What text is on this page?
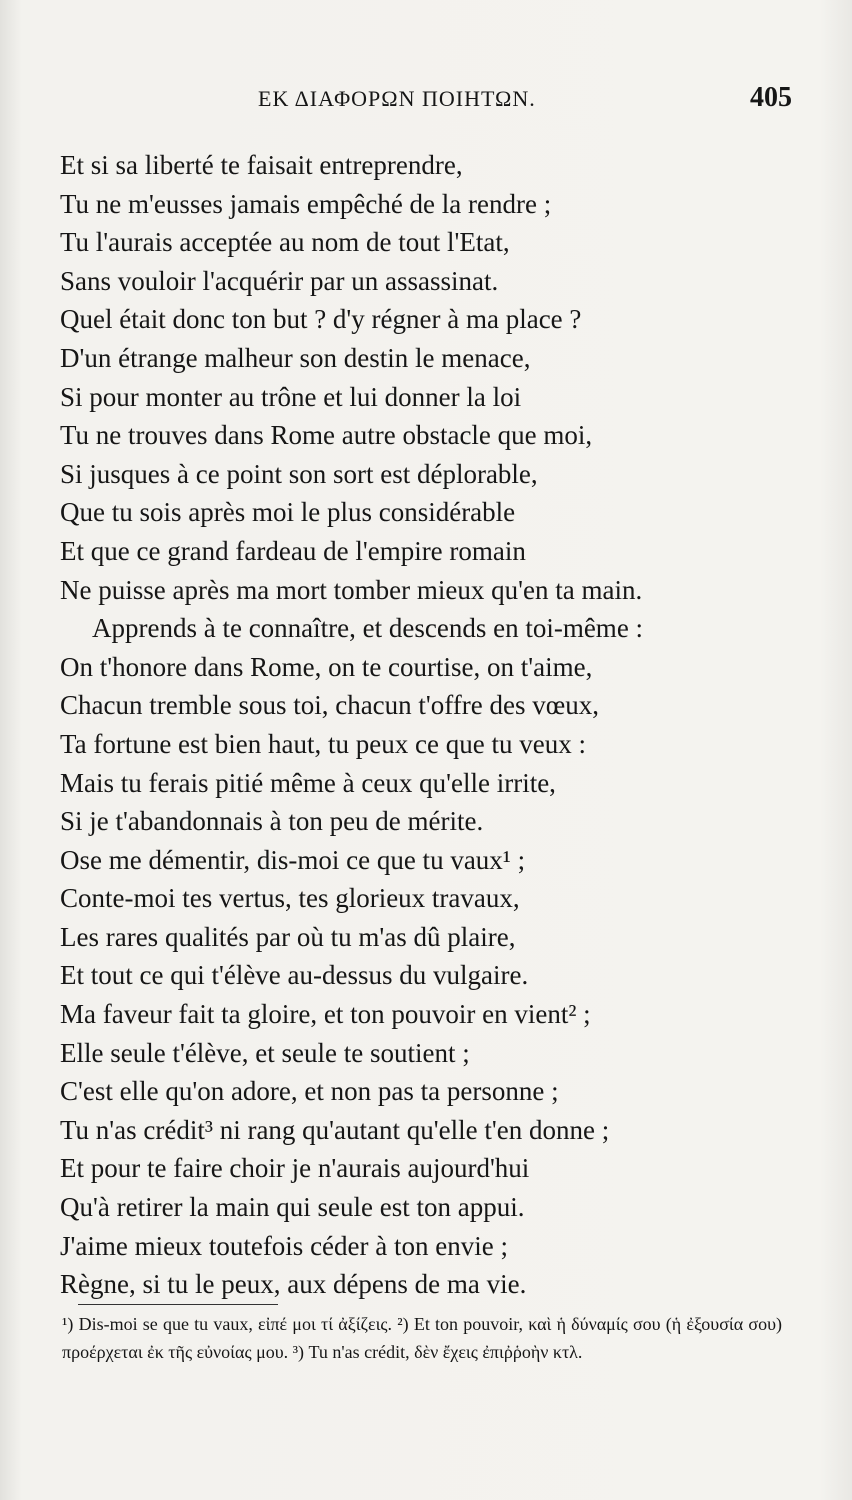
ΕΚ ΔΙΑΦΟΡΩΝ ΠΟΙΗΤΩΝ.	405
Et si sa liberté te faisait entreprendre,
Tu ne m'eusses jamais empêché de la rendre ;
Tu l'aurais acceptée au nom de tout l'Etat,
Sans vouloir l'acquérir par un assassinat.
Quel était donc ton but ? d'y régner à ma place ?
D'un étrange malheur son destin le menace,
Si pour monter au trône et lui donner la loi
Tu ne trouves dans Rome autre obstacle que moi,
Si jusques à ce point son sort est déplorable,
Que tu sois après moi le plus considérable
Et que ce grand fardeau de l'empire romain
Ne puisse après ma mort tomber mieux qu'en ta main.
Apprends à te connaître, et descends en toi-même :
On t'honore dans Rome, on te courtise, on t'aime,
Chacun tremble sous toi, chacun t'offre des vœux,
Ta fortune est bien haut, tu peux ce que tu veux :
Mais tu ferais pitié même à ceux qu'elle irrite,
Si je t'abandonnais à ton peu de mérite.
Ose me démentir, dis-moi ce que tu vaux¹ ;
Conte-moi tes vertus, tes glorieux travaux,
Les rares qualités par où tu m'as dû plaire,
Et tout ce qui t'élève au-dessus du vulgaire.
Ma faveur fait ta gloire, et ton pouvoir en vient² ;
Elle seule t'élève, et seule te soutient ;
C'est elle qu'on adore, et non pas ta personne ;
Tu n'as crédit³ ni rang qu'autant qu'elle t'en donne ;
Et pour te faire choir je n'aurais aujourd'hui
Qu'à retirer la main qui seule est ton appui.
J'aime mieux toutefois céder à ton envie ;
Règne, si tu le peux, aux dépens de ma vie.

¹) Dis-moi se que tu vaux, εἰπέ μοι τί ἀξίζεις. ²) Et ton pouvoir, καὶ ἡ δύναμίς σου (ἡ ἐξουσία σου) προέρχεται ἐκ τῆς εὐνοίας μου. ³) Tu n'as crédit, δὲν ἔχεις ἐπιῤῥοὴν κτλ.
